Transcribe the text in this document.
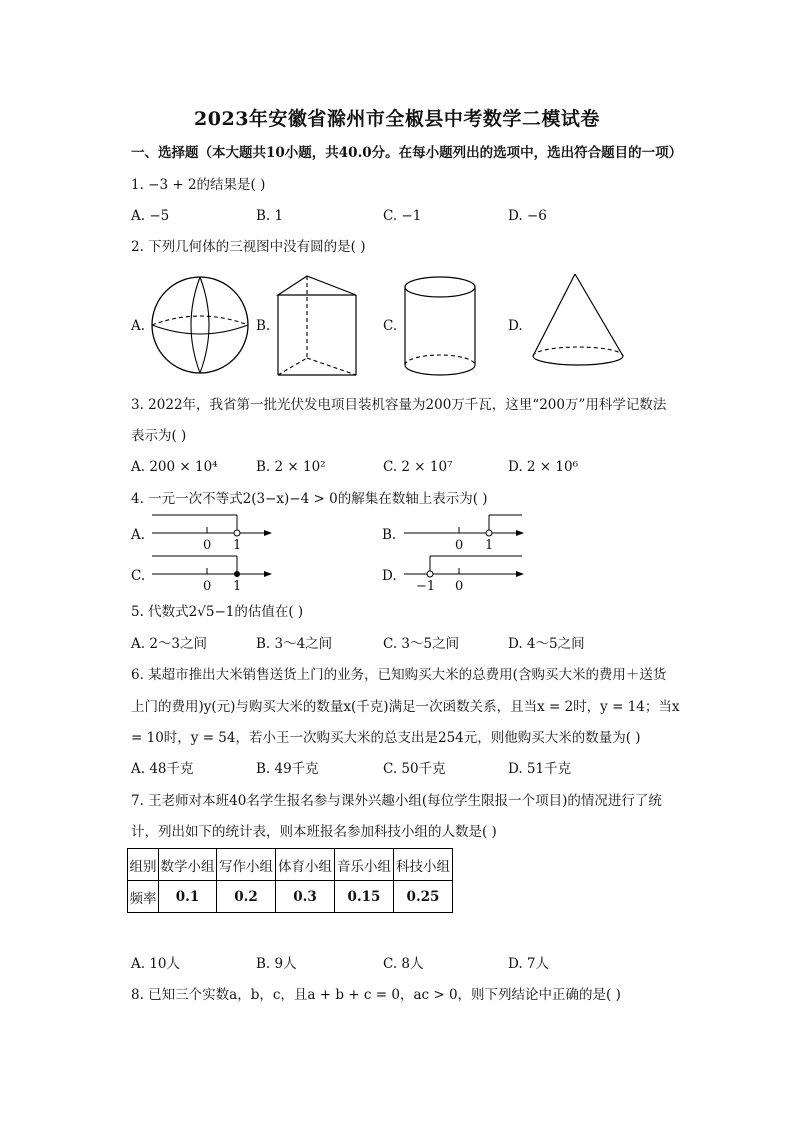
2023年安徽省滁州市全椒县中考数学二模试卷
一、选择题（本大题共10小题，共40.0分。在每小题列出的选项中，选出符合题目的一项）
1. −3 + 2的结果是( )
A. −5	B. 1	C. −1	D. −6
2. 下列几何体的三视图中没有圆的是( )
A.	B.	C.	D.
3. 2022年，我省第一批光伏发电项目装机容量为200万千瓦，这里“200万”用科学记数法
表示为( )
A. 200 × 10⁴	B. 2 × 10²	C. 2 × 10⁷	D. 2 × 10⁶
4. 一元一次不等式2(3−x)−4 > 0的解集在数轴上表示为( )
A.	B.
C.	D.
0 1	0 1
0 1	−1 0
5. 代数式2√5−1的估值在( )
A. 2～3之间	B. 3～4之间	C. 3～5之间	D. 4～5之间
6. 某超市推出大米销售送货上门的业务，已知购买大米的总费用(含购买大米的费用＋送货
上门的费用)y(元)与购买大米的数量x(千克)满足一次函数关系，且当x = 2时，y = 14；当x
= 10时，y = 54，若小王一次购买大米的总支出是254元，则他购买大米的数量为( )
A. 48千克	B. 49千克	C. 50千克	D. 51千克
7. 王老师对本班40名学生报名参与课外兴趣小组(每位学生限报一个项目)的情况进行了统
计，列出如下的统计表，则本班报名参加科技小组的人数是( )
组别	数学小组	写作小组	体育小组	音乐小组	科技小组
频率	0.1	0.2	0.3	0.15	0.25
A. 10人	B. 9人	C. 8人	D. 7人
8. 已知三个实数a，b，c，且a + b + c = 0，ac > 0，则下列结论中正确的是( )
